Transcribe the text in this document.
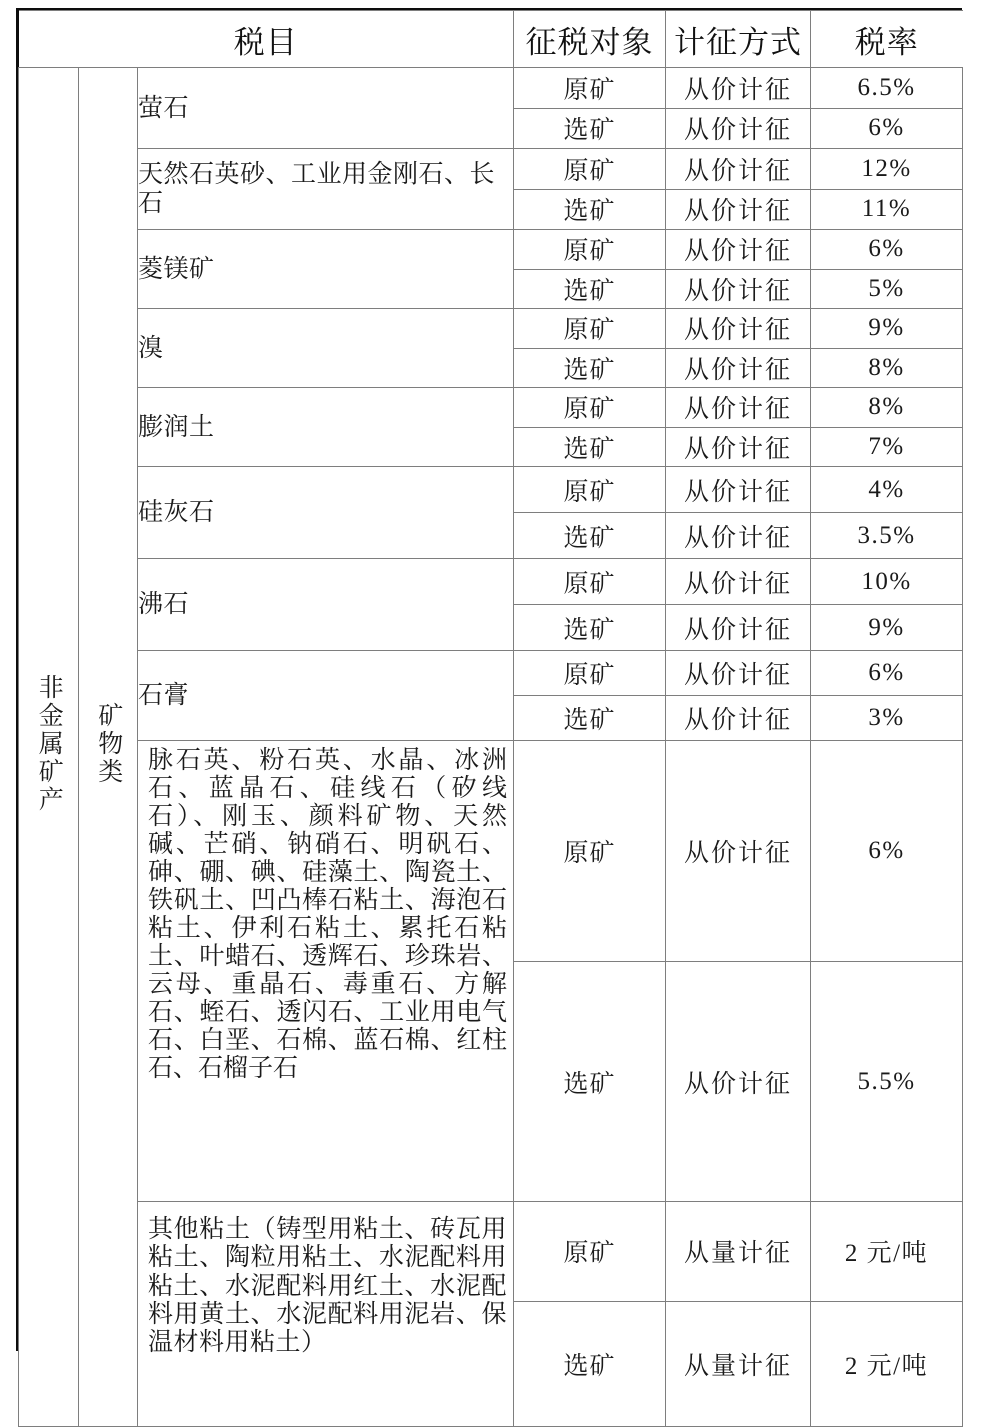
税目			征税对象	计征方式	税率
非金属矿产	矿物类	萤石	原矿	从价计征	6.5%
			选矿	从价计征	6%
		天然石英砂、工业用金刚石、长石	原矿	从价计征	12%
			选矿	从价计征	11%
		菱镁矿	原矿	从价计征	6%
			选矿	从价计征	5%
		溴	原矿	从价计征	9%
			选矿	从价计征	8%
		膨润土	原矿	从价计征	8%
			选矿	从价计征	7%
		硅灰石	原矿	从价计征	4%
			选矿	从价计征	3.5%
		沸石	原矿	从价计征	10%
			选矿	从价计征	9%
		石膏	原矿	从价计征	6%
			选矿	从价计征	3%
		脉石英、粉石英、水晶、冰洲石、蓝晶石、硅线石（矽线石）、刚玉、颜料矿物、天然碱、芒硝、钠硝石、明矾石、砷、硼、碘、硅藻土、陶瓷土、铁矾土、凹凸棒石粘土、海泡石粘土、伊利石粘土、累托石粘土、叶蜡石、透辉石、珍珠岩、云母、重晶石、毒重石、方解石、蛭石、透闪石、工业用电气石、白垩、石棉、蓝石棉、红柱石、石榴子石	原矿	从价计征	6%
			选矿	从价计征	5.5%
		其他粘土（铸型用粘土、砖瓦用粘土、陶粒用粘土、水泥配料用粘土、水泥配料用红土、水泥配料用黄土、水泥配料用泥岩、保温材料用粘土）	原矿	从量计征	2 元/吨
			选矿	从量计征	2 元/吨
